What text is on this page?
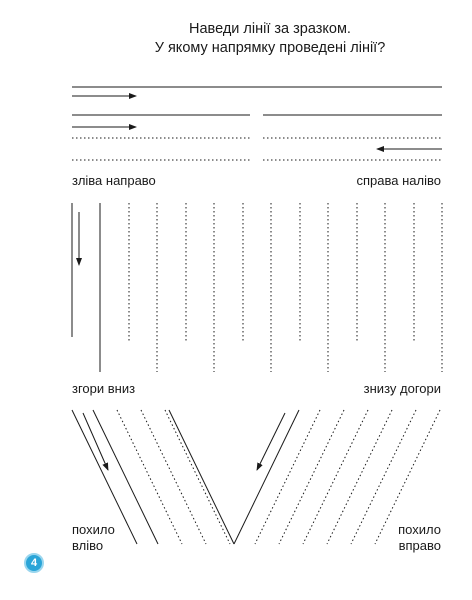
Наведи лінії за зразком.
У якому напрямку проведені лінії?
зліва направо	справа наліво
згори вниз	знизу догори
похило
вліво
похило
вправо
4
